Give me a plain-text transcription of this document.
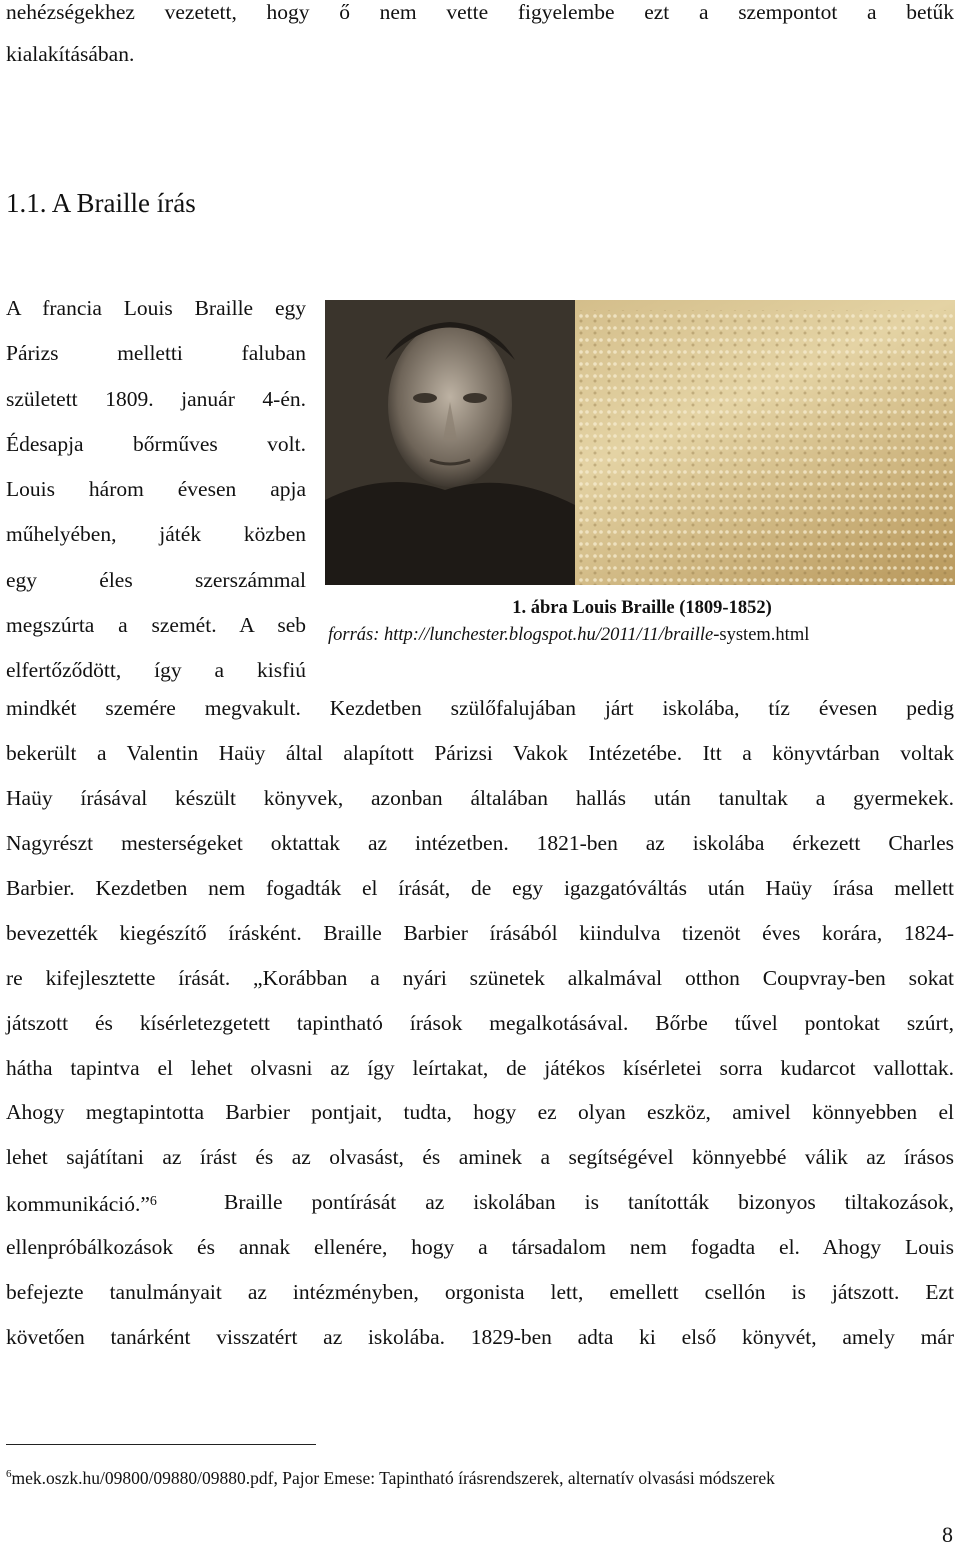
nehézségekhez vezetett, hogy ő nem vette figyelembe ezt a szempontot a betűk
kialakításában.
1.1. A Braille írás
A francia Louis Braille egy
Párizs melletti faluban
született 1809. január 4-én.
Édesapja bőrműves volt.
Louis három évesen apja
műhelyében, játék közben
egy éles szerszámmal
megszúrta a szemét. A seb
elfertőződött, így a kisfiú
1. ábra Louis Braille (1809-1852)
forrás: http://lunchester.blogspot.hu/2011/11/braille-system.html
mindkét szemére megvakult. Kezdetben szülőfalujában járt iskolába, tíz évesen pedig
bekerült a Valentin Haüy által alapított Párizsi Vakok Intézetébe. Itt a könyvtárban voltak
Haüy írásával készült könyvek, azonban általában hallás után tanultak a gyermekek.
Nagyrészt mesterségeket oktattak az intézetben. 1821-ben az iskolába érkezett Charles
Barbier. Kezdetben nem fogadták el írását, de egy igazgatóváltás után Haüy írása mellett
bevezették kiegészítő írásként. Braille Barbier írásából kiindulva tizenöt éves korára, 1824-
re kifejlesztette írását. „Korábban a nyári szünetek alkalmával otthon Coupvray-ben sokat
játszott és kísérletezgetett tapintható írások megalkotásával. Bőrbe tűvel pontokat szúrt,
hátha tapintva el lehet olvasni az így leírtakat, de játékos kísérletei sorra kudarcot vallottak.
Ahogy megtapintotta Barbier pontjait, tudta, hogy ez olyan eszköz, amivel könnyebben el
lehet sajátítani az írást és az olvasást, és aminek a segítségével könnyebbé válik az írásos
kommunikáció.”$^6$	Braille pontírását az iskolában is tanították bizonyos tiltakozások,
ellenpróbálkozások és annak ellenére, hogy a társadalom nem fogadta el. Ahogy Louis
befejezte tanulmányait az intézményben, orgonista lett, emellett csellón is játszott. Ezt
követően tanárként visszatért az iskolába. 1829-ben adta ki első könyvét, amely már
$^6$mek.oszk.hu/09800/09880/09880.pdf, Pajor Emese: Tapintható írásrendszerek, alternatív olvasási módszerek
8
